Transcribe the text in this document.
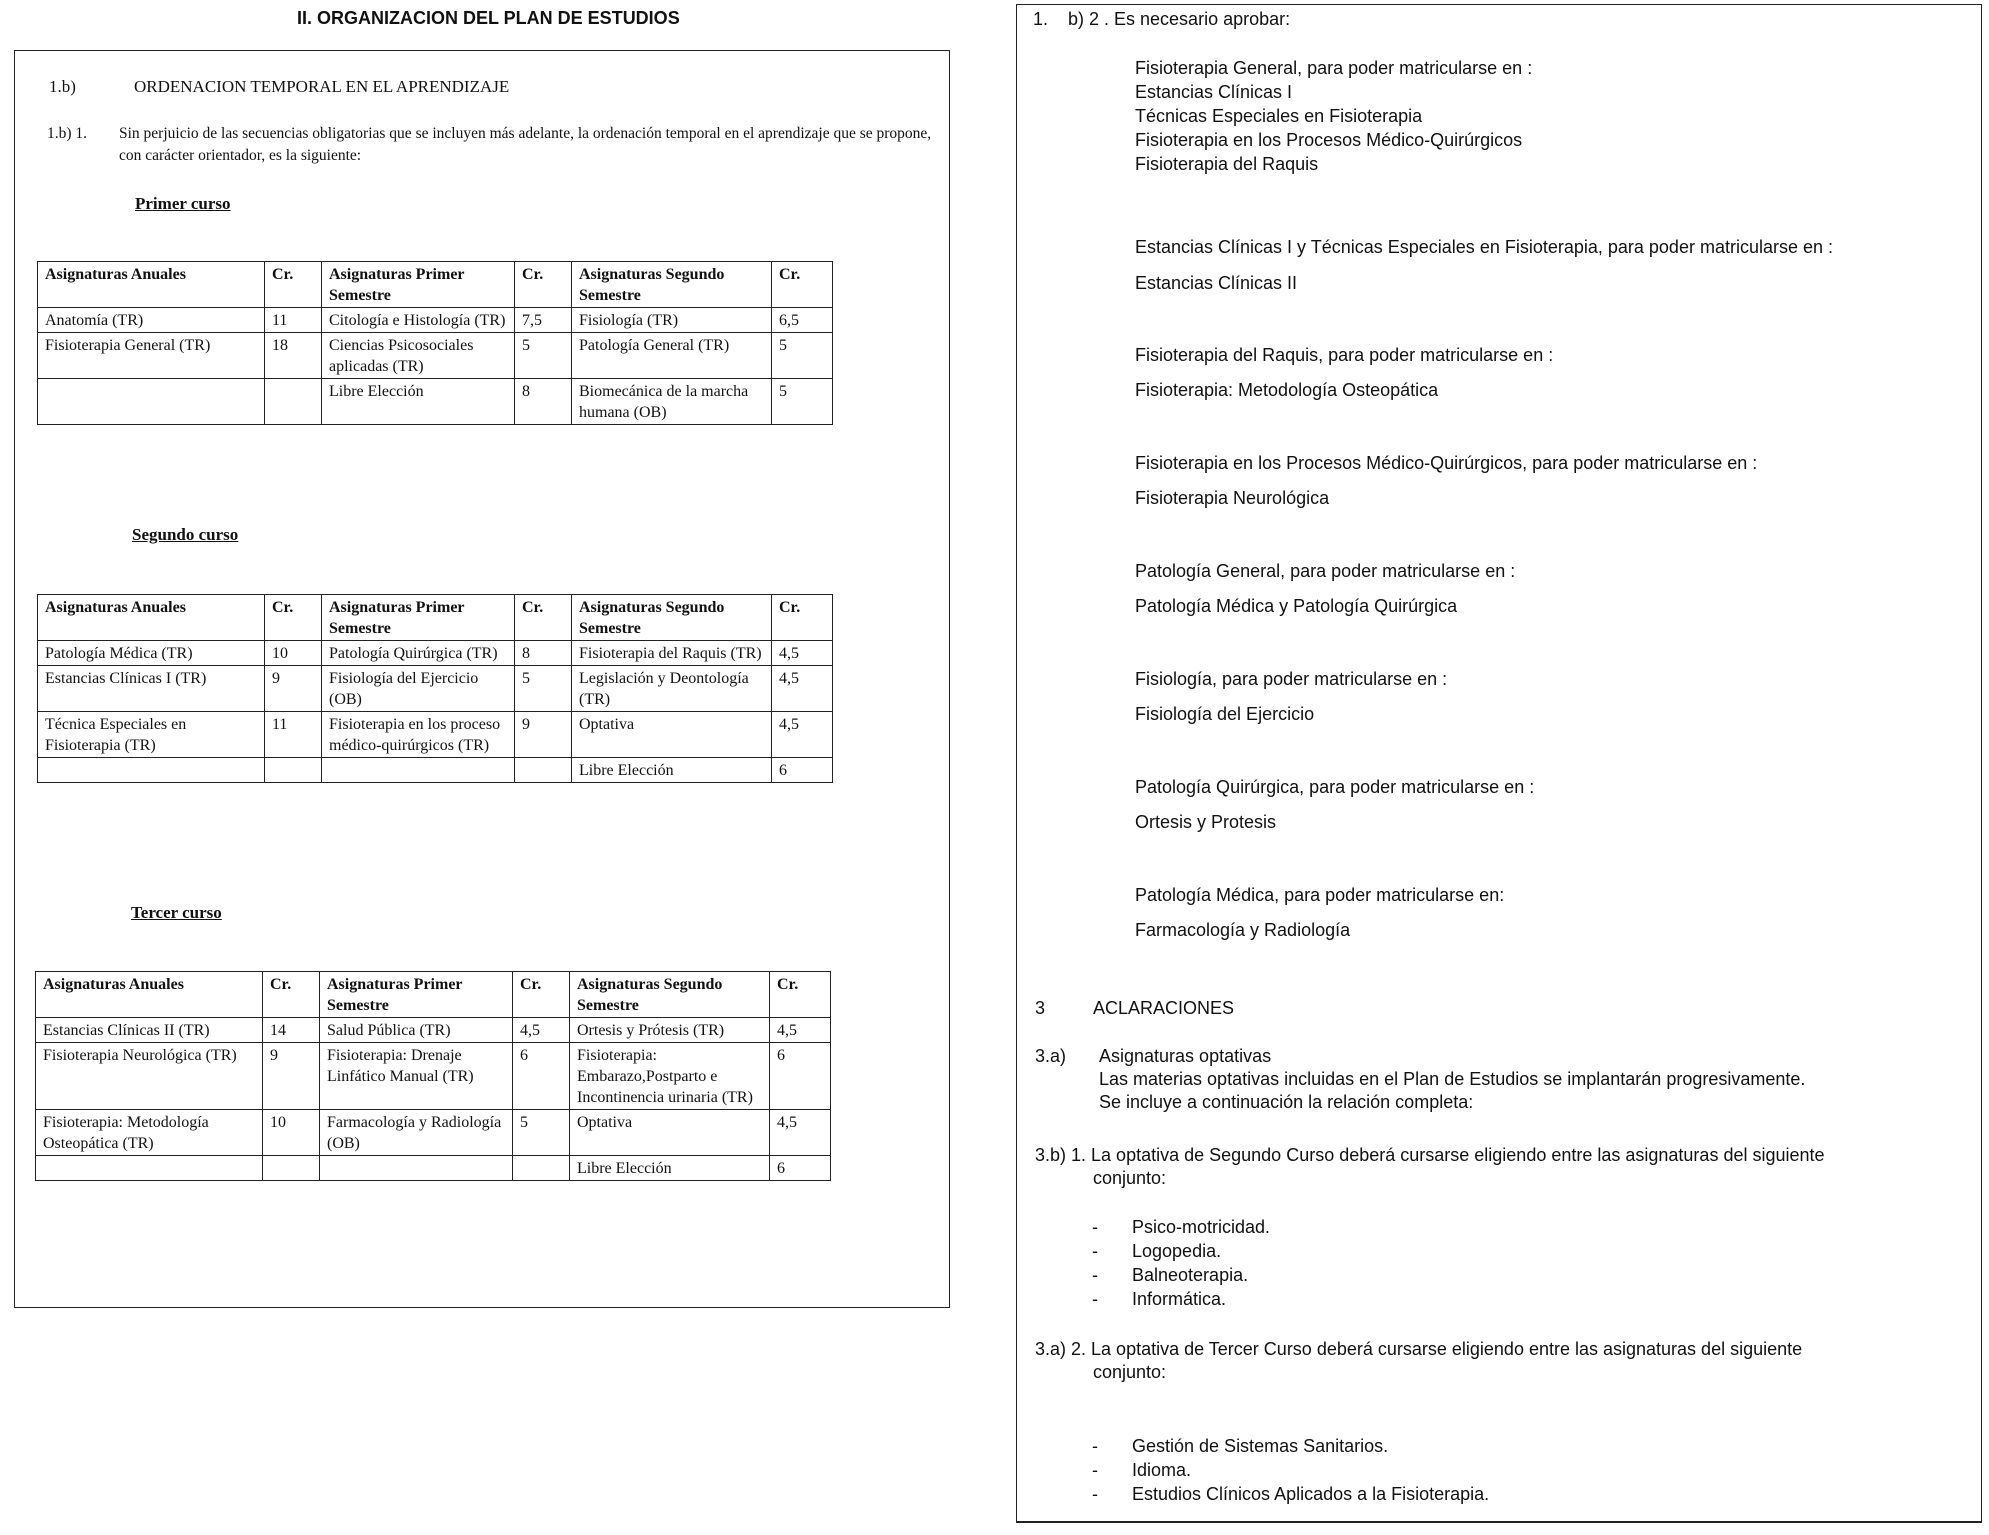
II. ORGANIZACION DEL PLAN DE ESTUDIOS
1.b)	ORDENACION TEMPORAL EN EL APRENDIZAJE
1.b) 1. Sin perjuicio de las secuencias obligatorias que se incluyen más adelante, la ordenación temporal en el aprendizaje que se propone, con carácter orientador, es la siguiente:
Primer curso
Asignaturas Anuales	Cr.	Asignaturas Primer Semestre	Cr.	Asignaturas Segundo Semestre	Cr.
Anatomía (TR)	11	Citología e Histología (TR)	7,5	Fisiología (TR)	6,5
Fisioterapia General (TR)	18	Ciencias Psicosociales aplicadas (TR)	5	Patología General (TR)	5
		Libre Elección	8	Biomecánica de la marcha humana (OB)	5
Segundo curso
Asignaturas Anuales	Cr.	Asignaturas Primer Semestre	Cr.	Asignaturas Segundo Semestre	Cr.
Patología Médica (TR)	10	Patología Quirúrgica (TR)	8	Fisioterapia del Raquis (TR)	4,5
Estancias Clínicas I (TR)	9	Fisiología del Ejercicio (OB)	5	Legislación y Deontología (TR)	4,5
Técnica Especiales en Fisioterapia (TR)	11	Fisioterapia en los proceso médico-quirúrgicos (TR)	9	Optativa	4,5
				Libre Elección	6
Tercer curso
Asignaturas Anuales	Cr.	Asignaturas Primer Semestre	Cr.	Asignaturas Segundo Semestre	Cr.
Estancias Clínicas II (TR)	14	Salud Pública (TR)	4,5	Ortesis y Prótesis (TR)	4,5
Fisioterapia Neurológica (TR)	9	Fisioterapia: Drenaje Linfático Manual (TR)	6	Fisioterapia: Embarazo,Postparto e Incontinencia urinaria (TR)	6
Fisioterapia: Metodología Osteopática (TR)	10	Farmacología y Radiología (OB)	5	Optativa	4,5
				Libre Elección	6
1. b) 2 . Es necesario aprobar:
Fisioterapia General, para poder matricularse en :
Estancias Clínicas I
Técnicas Especiales en Fisioterapia
Fisioterapia en los Procesos Médico-Quirúrgicos
Fisioterapia del Raquis
Estancias Clínicas I y Técnicas Especiales en Fisioterapia, para poder matricularse en :
Estancias Clínicas II
Fisioterapia del Raquis, para poder matricularse en :
Fisioterapia: Metodología Osteopática
Fisioterapia en los Procesos Médico-Quirúrgicos, para poder matricularse en :
Fisioterapia Neurológica
Patología General, para poder matricularse en :
Patología Médica y Patología Quirúrgica
Fisiología, para poder matricularse en :
Fisiología del Ejercicio
Patología Quirúrgica, para poder matricularse en :
Ortesis y Protesis
Patología Médica, para poder matricularse en:
Farmacología y Radiología
3	ACLARACIONES
3.a) Asignaturas optativas
Las materias optativas incluidas en el Plan de Estudios se implantarán progresivamente.
Se incluye a continuación la relación completa:
3.b) 1. La optativa de Segundo Curso deberá cursarse eligiendo entre las asignaturas del siguiente
conjunto:
- Psico-motricidad.
- Logopedia.
- Balneoterapia.
- Informática.
3.a) 2. La optativa de Tercer Curso deberá cursarse eligiendo entre las asignaturas del siguiente
conjunto:
- Gestión de Sistemas Sanitarios.
- Idioma.
- Estudios Clínicos Aplicados a la Fisioterapia.
